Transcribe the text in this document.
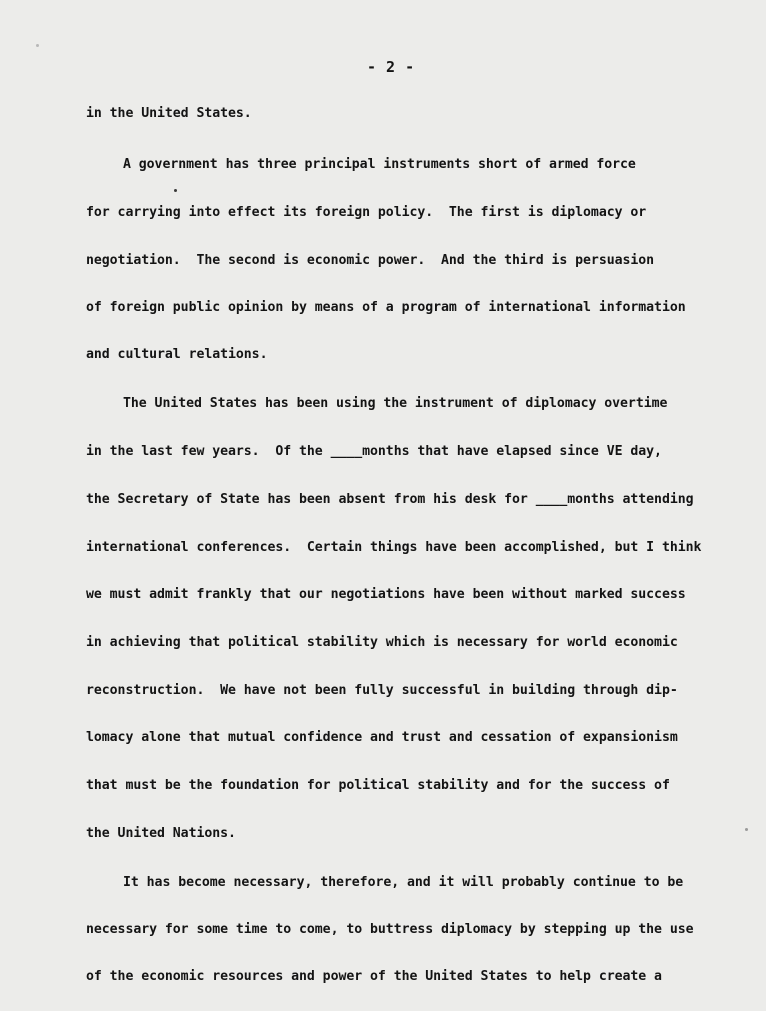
- 2 -
in the United States.
A government has three principal instruments short of armed force
for carrying into effect its foreign policy.  The first is diplomacy or
negotiation.  The second is economic power.  And the third is persuasion
of foreign public opinion by means of a program of international information
and cultural relations.
The United States has been using the instrument of diplomacy overtime
in the last few years.  Of the ____months that have elapsed since VE day,
the Secretary of State has been absent from his desk for ____months attending
international conferences.  Certain things have been accomplished, but I think
we must admit frankly that our negotiations have been without marked success
in achieving that political stability which is necessary for world economic
reconstruction.  We have not been fully successful in building through dip-
lomacy alone that mutual confidence and trust and cessation of expansionism
that must be the foundation for political stability and for the success of
the United Nations.
It has become necessary, therefore, and it will probably continue to be
necessary for some time to come, to buttress diplomacy by stepping up the use
of the economic resources and power of the United States to help create a
